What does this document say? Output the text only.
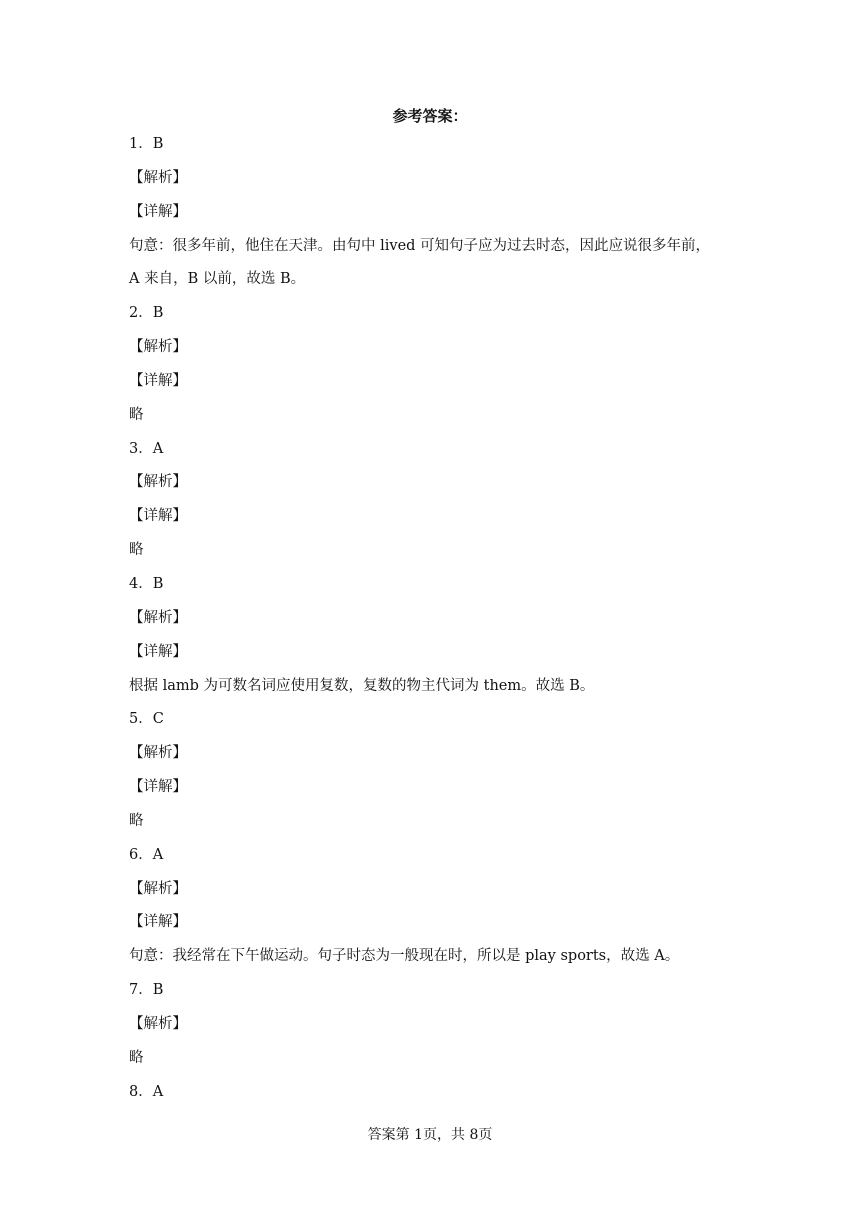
参考答案：
1．B
【解析】
【详解】
句意：很多年前，他住在天津。由句中 lived 可知句子应为过去时态，因此应说很多年前，
A 来自，B 以前，故选 B。
2．B
【解析】
【详解】
略
3．A
【解析】
【详解】
略
4．B
【解析】
【详解】
根据 lamb 为可数名词应使用复数，复数的物主代词为 them。故选 B。
5．C
【解析】
【详解】
略
6．A
【解析】
【详解】
句意：我经常在下午做运动。句子时态为一般现在时，所以是 play sports，故选 A。
7．B
【解析】
略
8．A
答案第 1页，共 8页
